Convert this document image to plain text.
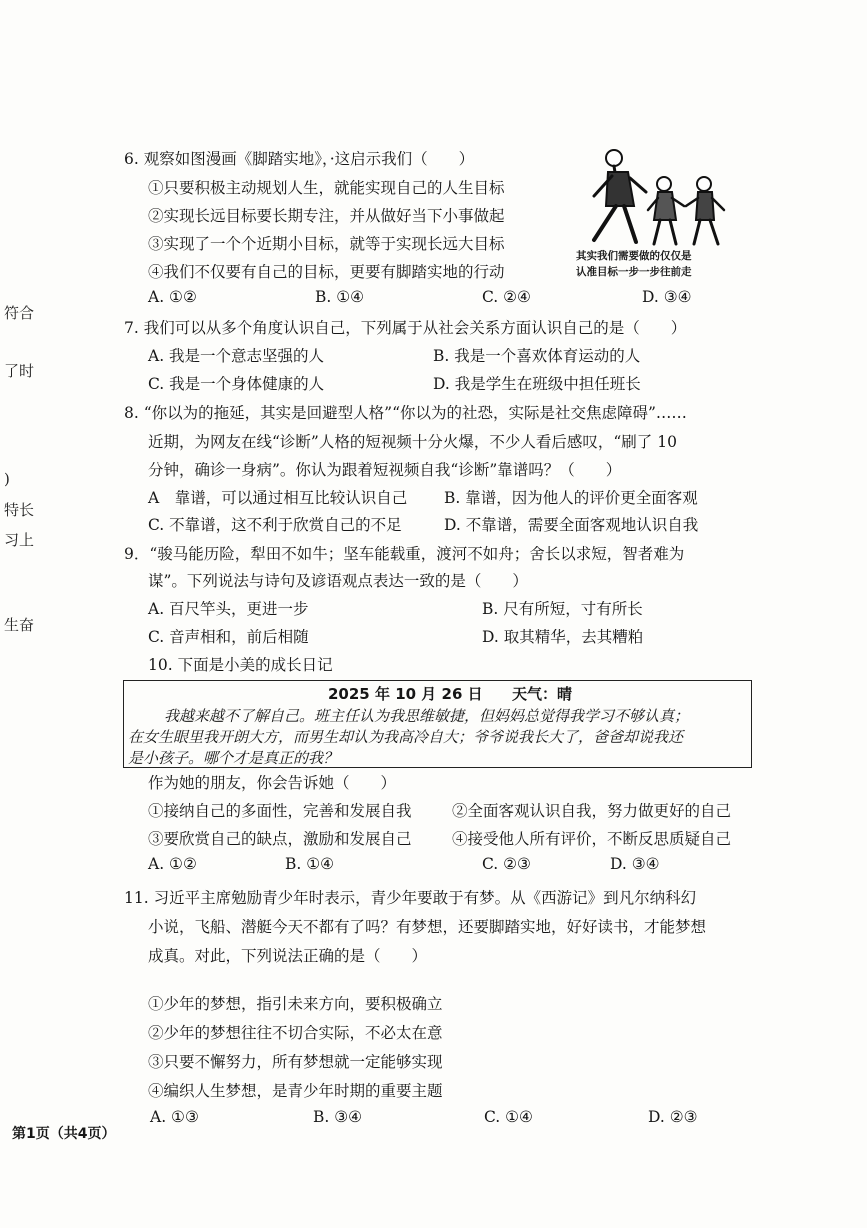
符合
了时
)
特长
习上
生奋
6. 观察如图漫画《脚踏实地》，·这启示我们（　　）
①只要积极主动规划人生，就能实现自己的人生目标
②实现长远目标要长期专注，并从做好当下小事做起
③实现了一个个近期小目标，就等于实现长远大目标
④我们不仅要有自己的目标，更要有脚踏实地的行动
A. ①②	B. ①④	C. ②④	D. ③④
其实我们需要做的仅仅是
认准目标一步一步往前走
7. 我们可以从多个角度认识自己，下列属于从社会关系方面认识自己的是（　　）
A. 我是一个意志坚强的人	B. 我是一个喜欢体育运动的人
C. 我是一个身体健康的人	D. 我是学生在班级中担任班长
8. “你以为的拖延，其实是回避型人格”“你以为的社恐，实际是社交焦虑障碍”……
近期，为网友在线“诊断”人格的短视频十分火爆，不少人看后感叹，“刷了 10
分钟，确诊一身病”。你认为跟着短视频自我“诊断”靠谱吗？（　　）
A　靠谱，可以通过相互比较认识自己 B. 靠谱，因为他人的评价更全面客观
C. 不靠谱，这不利于欣赏自己的不足	D. 不靠谱，需要全面客观地认识自我
9．“骏马能历险，犁田不如牛；坚车能载重，渡河不如舟；舍长以求短，智者难为
谋”。下列说法与诗句及谚语观点表达一致的是（　　）
A. 百尺竿头，更进一步	B. 尺有所短，寸有所长
C. 音声相和，前后相随	D. 取其精华，去其糟粕
10. 下面是小美的成长日记
2025 年 10 月 26 日 天气：晴
我越来越不了解自己。班主任认为我思维敏捷，但妈妈总觉得我学习不够认真；
在女生眼里我开朗大方，而男生却认为我高冷自大；爷爷说我长大了，爸爸却说我还
是小孩子。哪个才是真正的我？
作为她的朋友，你会告诉她（　　）
①接纳自己的多面性，完善和发展自我	②全面客观认识自我，努力做更好的自己
③要欣赏自己的缺点，激励和发展自己	④接受他人所有评价，不断反思质疑自己
A. ①②	B. ①④	C. ②③	D. ③④
11. 习近平主席勉励青少年时表示，青少年要敢于有梦。从《西游记》到凡尔纳科幻
小说，飞船、潜艇今天不都有了吗？有梦想，还要脚踏实地，好好读书，才能梦想
成真。对此，下列说法正确的是（　　）
①少年的梦想，指引未来方向，要积极确立
②少年的梦想往往不切合实际，不必太在意
③只要不懈努力，所有梦想就一定能够实现
④编织人生梦想，是青少年时期的重要主题
A. ①③	B. ③④	C. ①④	D. ②③
第1页（共4页）
